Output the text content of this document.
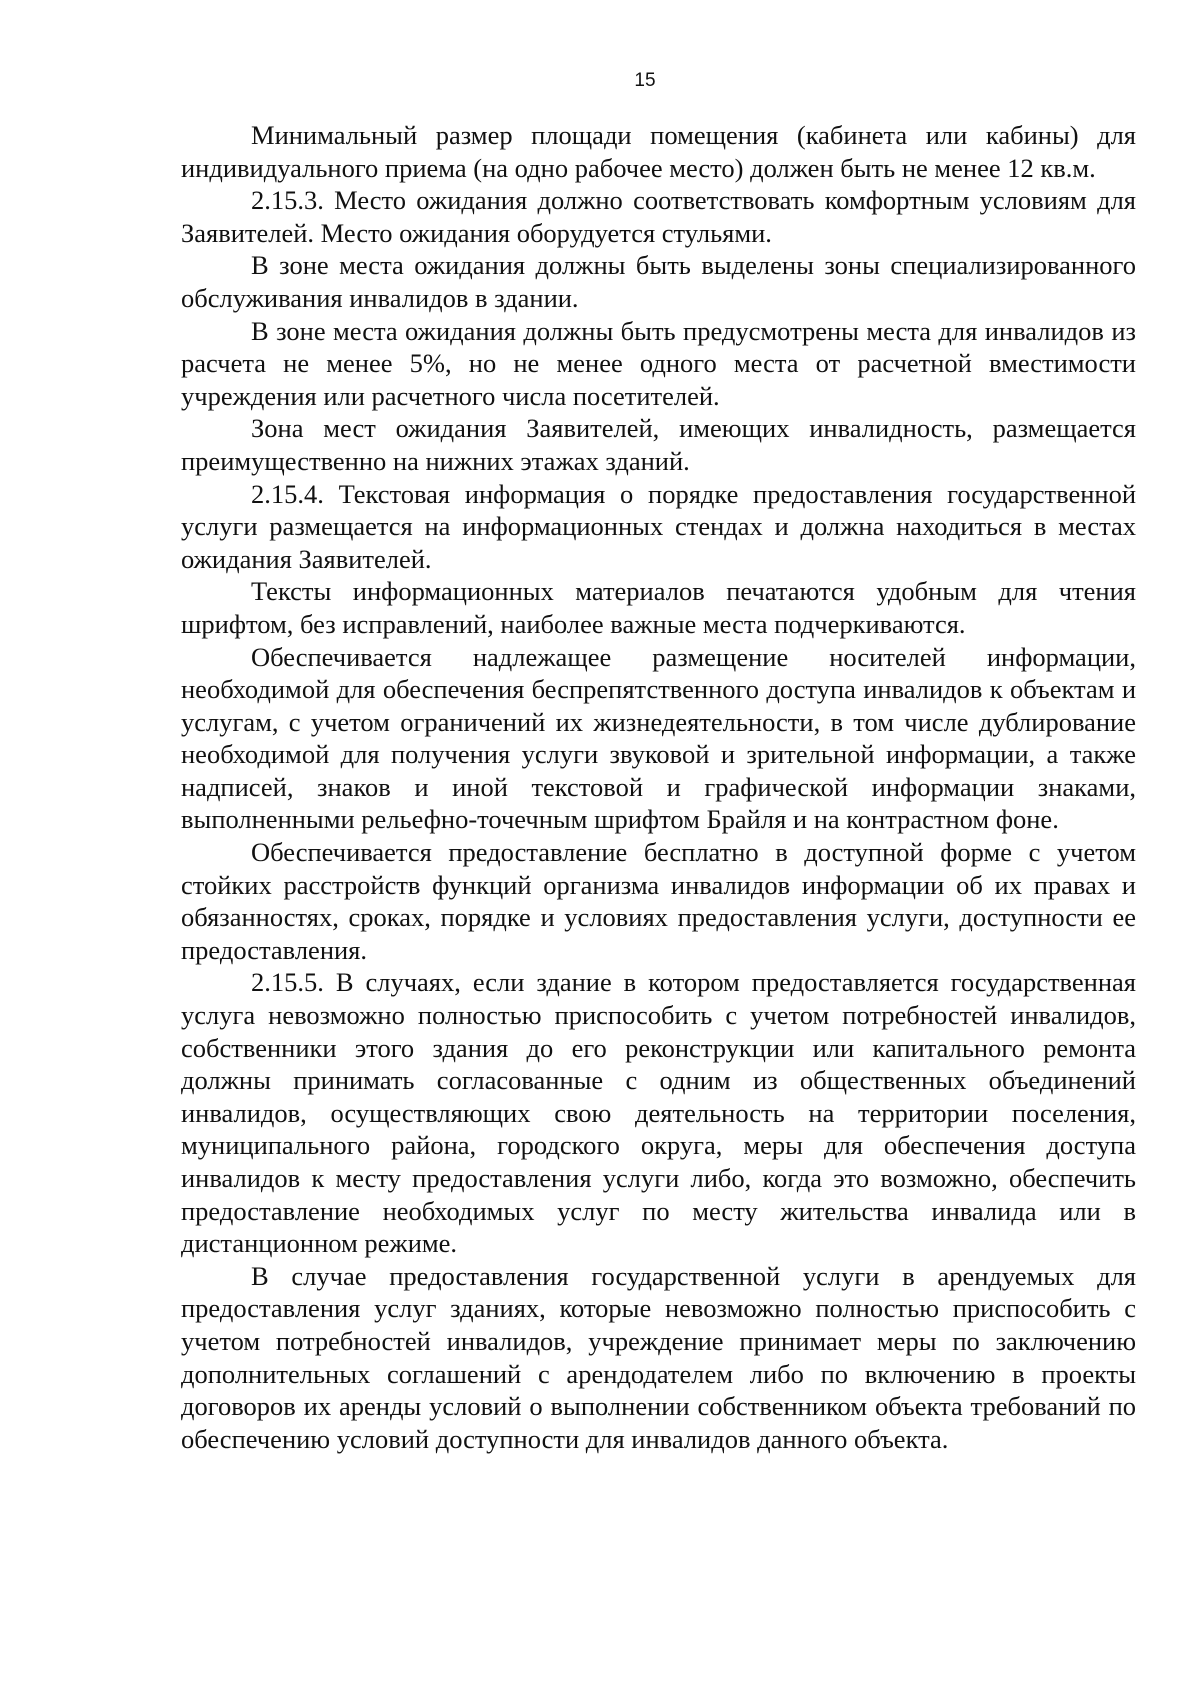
15

Минимальный размер площади помещения (кабинета или кабины) для индивидуального приема (на одно рабочее место) должен быть не менее 12 кв.м.

2.15.3. Место ожидания должно соответствовать комфортным условиям для Заявителей. Место ожидания оборудуется стульями.

В зоне места ожидания должны быть выделены зоны специализированного обслуживания инвалидов в здании.

В зоне места ожидания должны быть предусмотрены места для инвалидов из расчета не менее 5%, но не менее одного места от расчетной вместимости учреждения или расчетного числа посетителей.

Зона мест ожидания Заявителей, имеющих инвалидность, размещается преимущественно на нижних этажах зданий.

2.15.4. Текстовая информация о порядке предоставления государственной услуги размещается на информационных стендах и должна находиться в местах ожидания Заявителей.

Тексты информационных материалов печатаются удобным для чтения шрифтом, без исправлений, наиболее важные места подчеркиваются.

Обеспечивается надлежащее размещение носителей информации, необходимой для обеспечения беспрепятственного доступа инвалидов к объектам и услугам, с учетом ограничений их жизнедеятельности, в том числе дублирование необходимой для получения услуги звуковой и зрительной информации, а также надписей, знаков и иной текстовой и графической информации знаками, выполненными рельефно-точечным шрифтом Брайля и на контрастном фоне.

Обеспечивается предоставление бесплатно в доступной форме с учетом стойких расстройств функций организма инвалидов информации об их правах и обязанностях, сроках, порядке и условиях предоставления услуги, доступности ее предоставления.

2.15.5. В случаях, если здание в котором предоставляется государственная услуга невозможно полностью приспособить с учетом потребностей инвалидов, собственники этого здания до его реконструкции или капитального ремонта должны принимать согласованные с одним из общественных объединений инвалидов, осуществляющих свою деятельность на территории поселения, муниципального района, городского округа, меры для обеспечения доступа инвалидов к месту предоставления услуги либо, когда это возможно, обеспечить предоставление необходимых услуг по месту жительства инвалида или в дистанционном режиме.

В случае предоставления государственной услуги в арендуемых для предоставления услуг зданиях, которые невозможно полностью приспособить с учетом потребностей инвалидов, учреждение принимает меры по заключению дополнительных соглашений с арендодателем либо по включению в проекты договоров их аренды условий о выполнении собственником объекта требований по обеспечению условий доступности для инвалидов данного объекта.
